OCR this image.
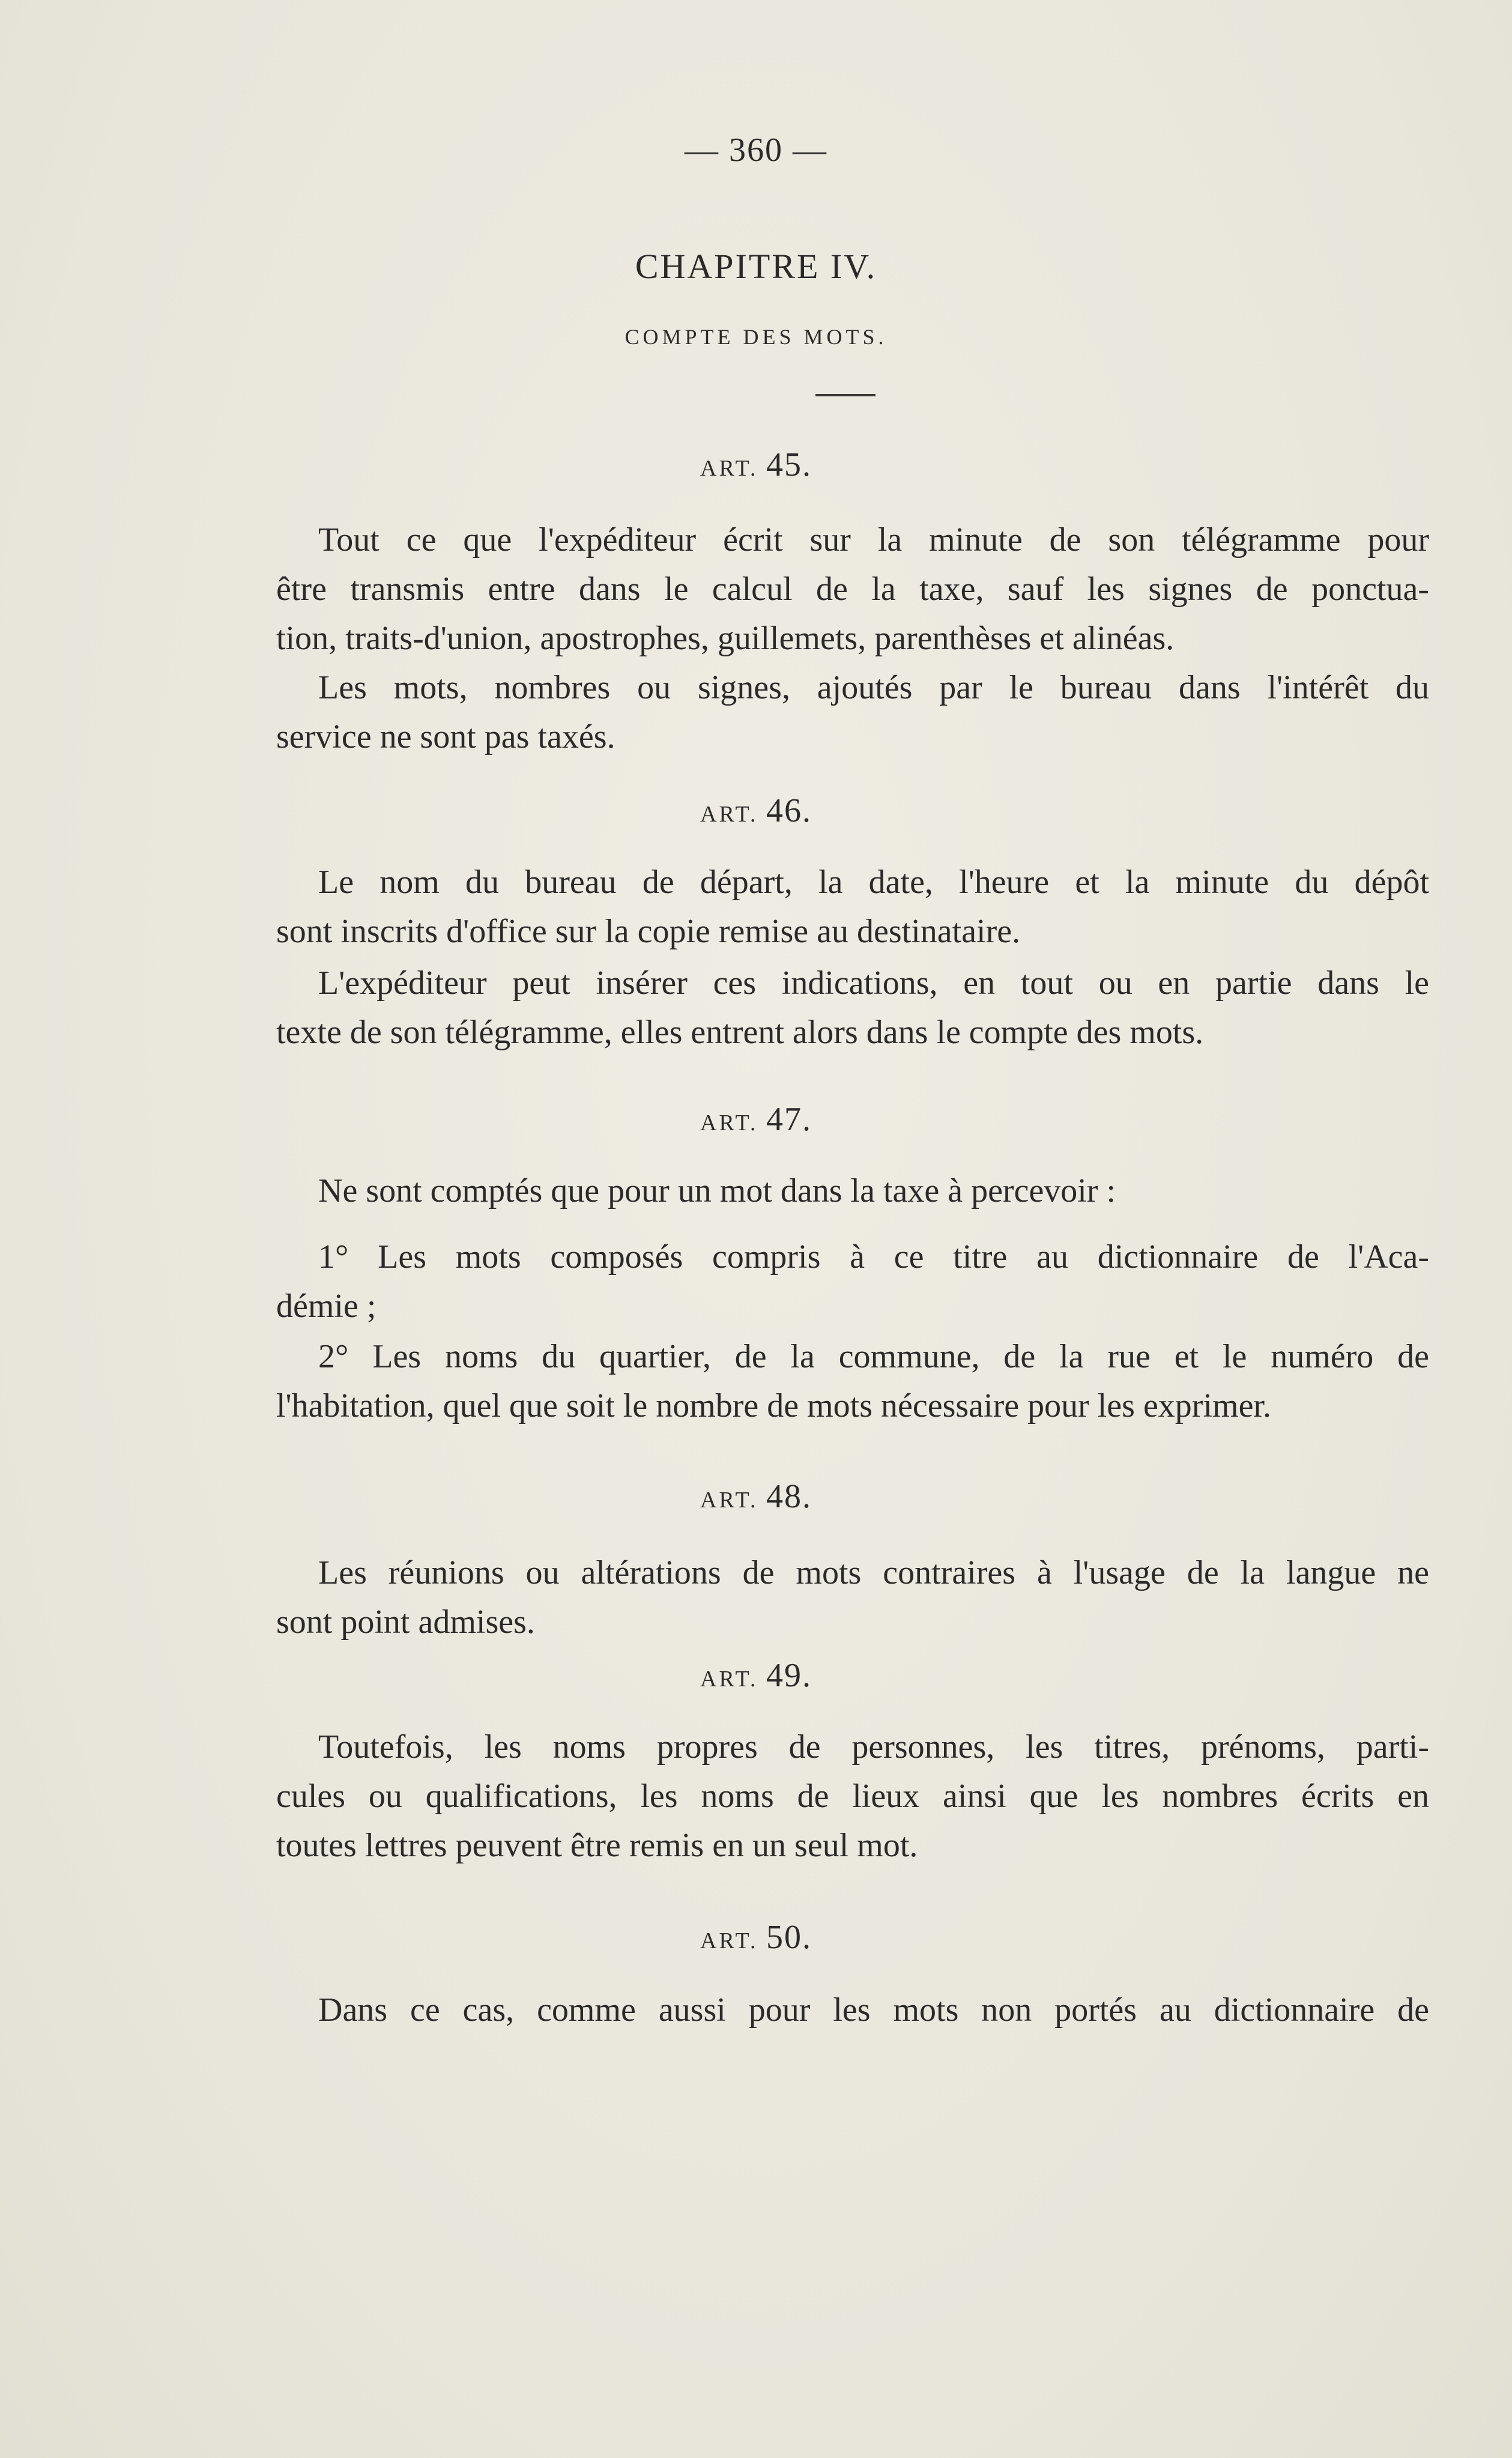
— 360 —
CHAPITRE IV.
COMPTE DES MOTS.
ART. 45.
Tout ce que l'expéditeur écrit sur la minute de son télégramme pour
être transmis entre dans le calcul de la taxe, sauf les signes de ponctua-
tion, traits-d'union, apostrophes, guillemets, parenthèses et alinéas.
Les mots, nombres ou signes, ajoutés par le bureau dans l'intérêt du
service ne sont pas taxés.
ART. 46.
Le nom du bureau de départ, la date, l'heure et la minute du dépôt
sont inscrits d'office sur la copie remise au destinataire.
L'expéditeur peut insérer ces indications, en tout ou en partie dans le
texte de son télégramme, elles entrent alors dans le compte des mots.
ART. 47.
Ne sont comptés que pour un mot dans la taxe à percevoir :
1° Les mots composés compris à ce titre au dictionnaire de l'Aca-
démie ;
2° Les noms du quartier, de la commune, de la rue et le numéro de
l'habitation, quel que soit le nombre de mots nécessaire pour les exprimer.
ART. 48.
Les réunions ou altérations de mots contraires à l'usage de la langue ne
sont point admises.
ART. 49.
Toutefois, les noms propres de personnes, les titres, prénoms, parti-
cules ou qualifications, les noms de lieux ainsi que les nombres écrits en
toutes lettres peuvent être remis en un seul mot.
ART. 50.
Dans ce cas, comme aussi pour les mots non portés au dictionnaire de
